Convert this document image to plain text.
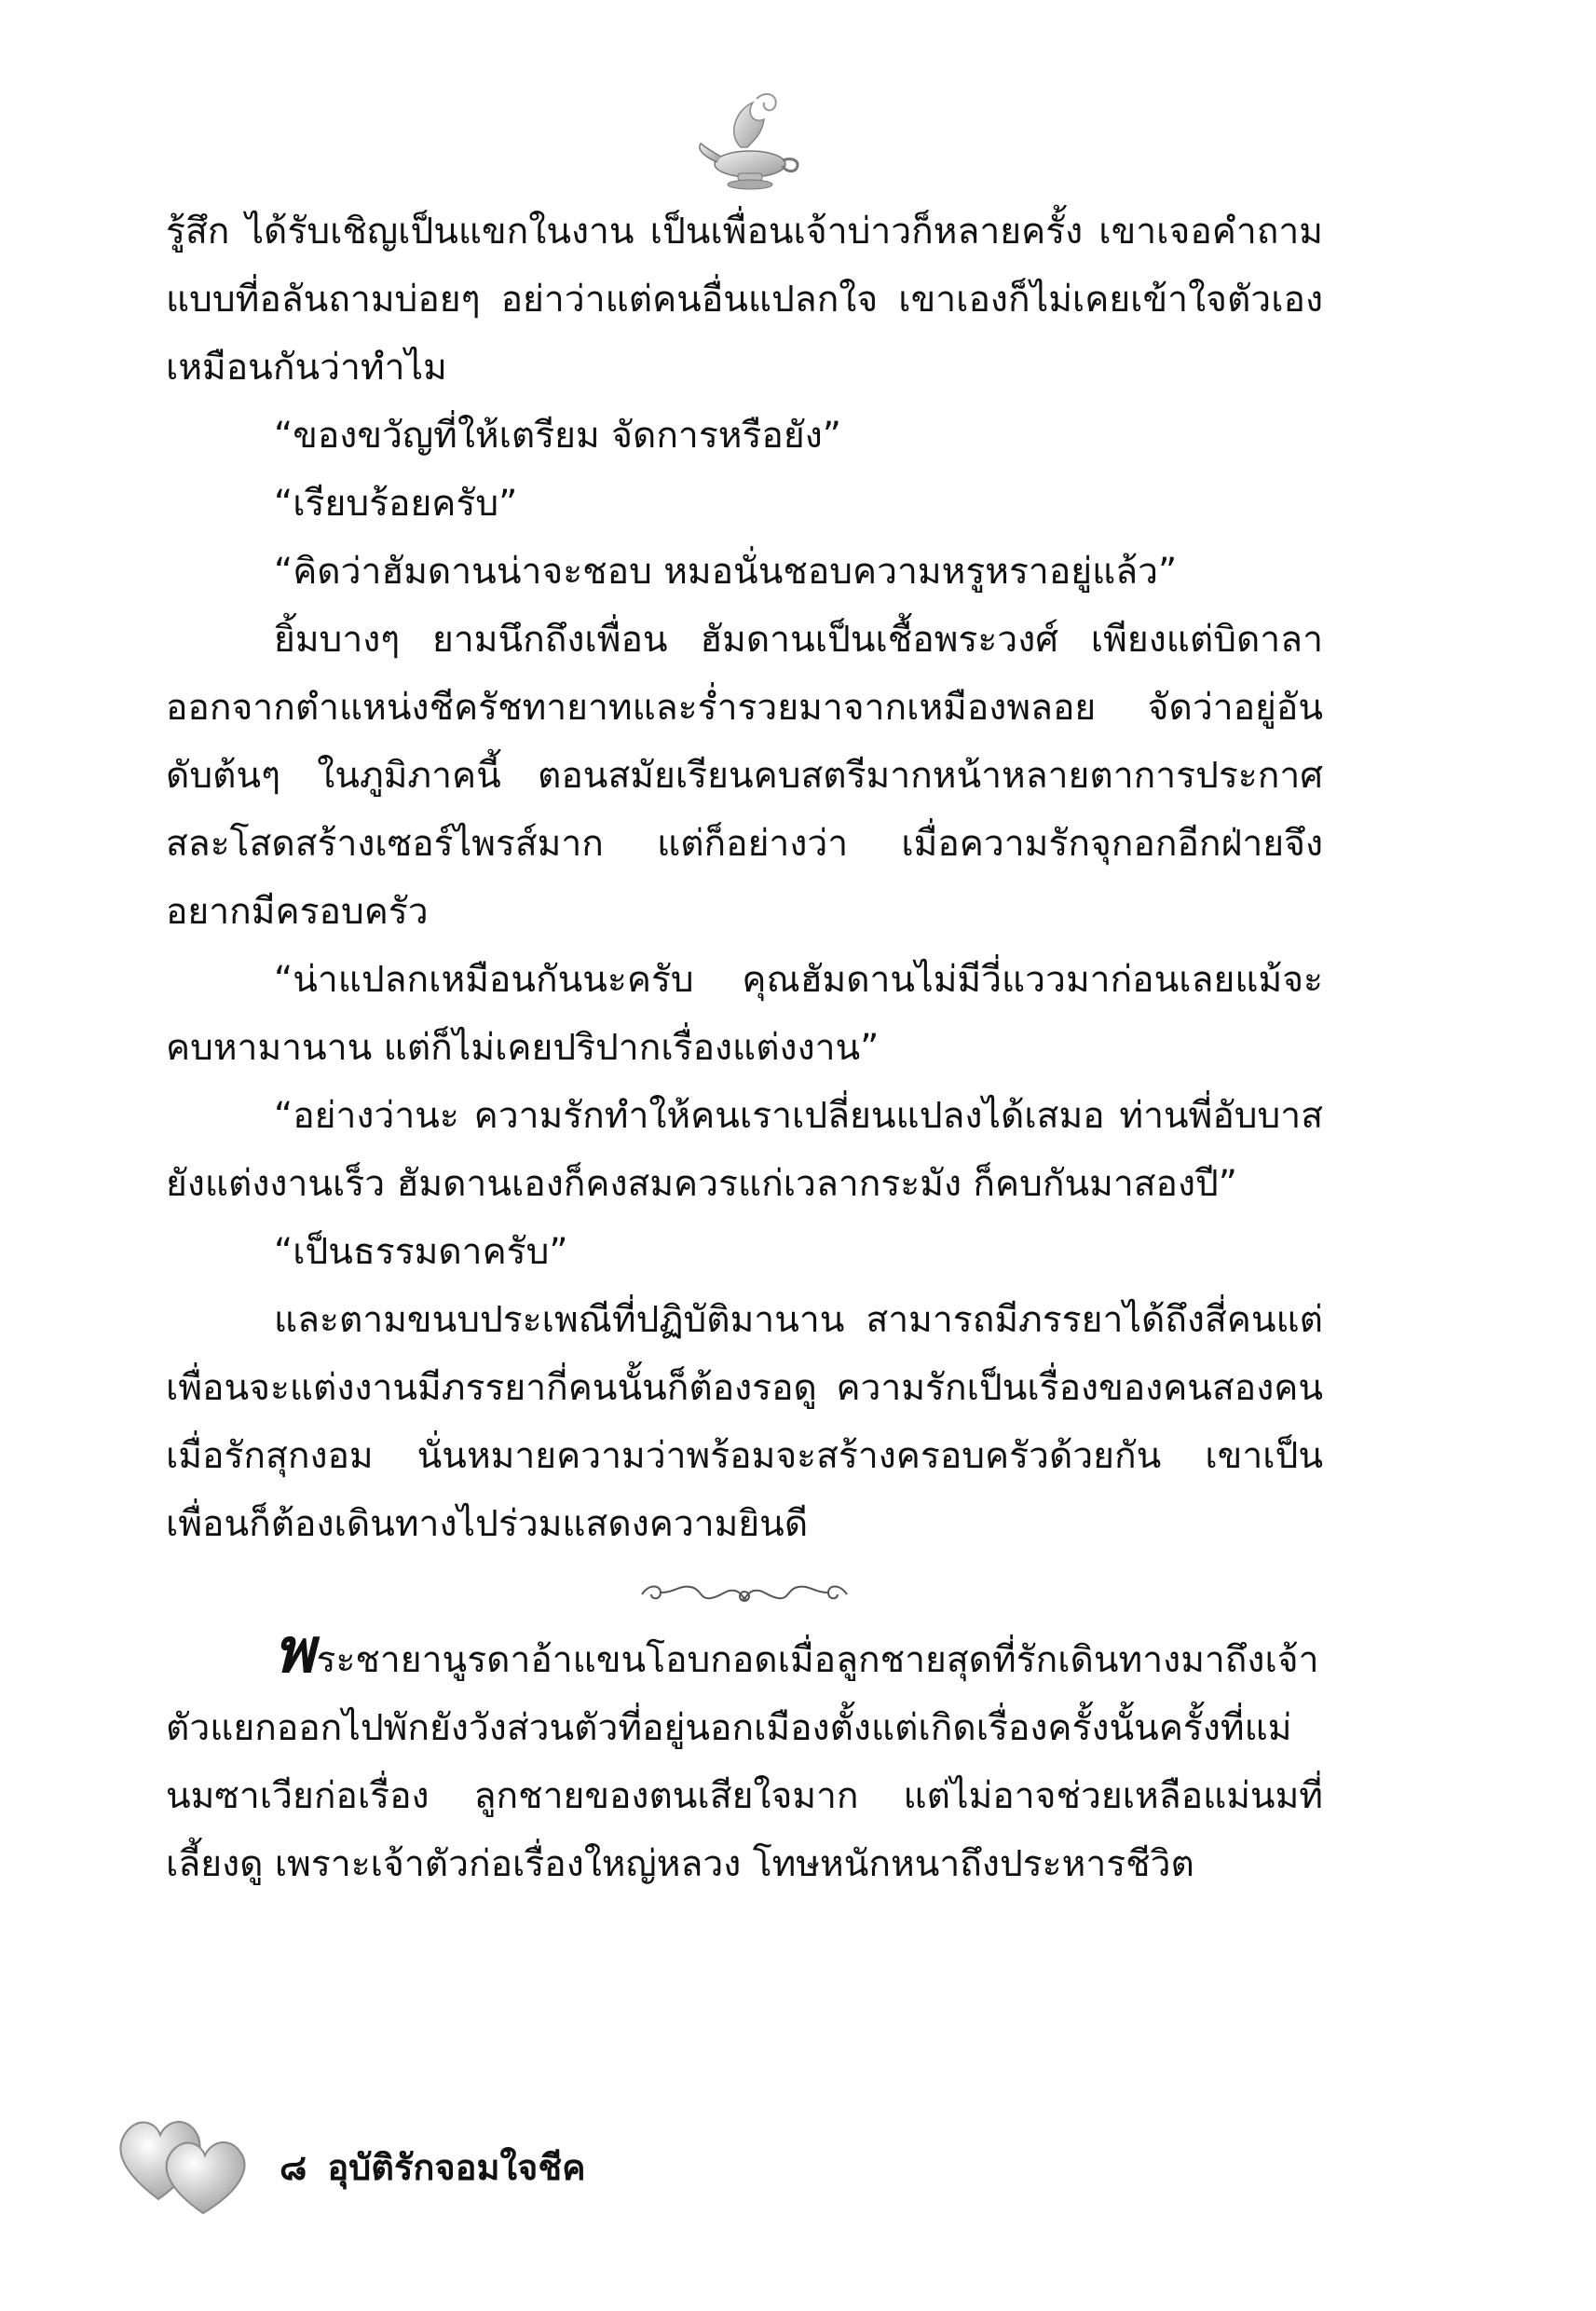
รู้สึก ได้รับเชิญเป็นแขกในงาน เป็นเพื่อนเจ้าบ่าวก็หลายครั้ง เขาเจอคำถามแบบที่อลันถามบ่อยๆ อย่าว่าแต่คนอื่นแปลกใจ เขาเองก็ไม่เคยเข้าใจตัวเองเหมือนกันว่าทำไม

“ของขวัญที่ให้เตรียม จัดการหรือยัง”

“เรียบร้อยครับ”

“คิดว่าฮัมดานน่าจะชอบ หมอนั่นชอบความหรูหราอยู่แล้ว”

ยิ้มบางๆ ยามนึกถึงเพื่อน ฮัมดานเป็นเชื้อพระวงศ์ เพียงแต่บิดาลาออกจากตำแหน่งชีครัชทายาทและร่ำรวยมาจากเหมืองพลอย จัดว่าอยู่อันดับต้นๆ ในภูมิภาคนี้ ตอนสมัยเรียนคบสตรีมากหน้าหลายตาการประกาศสละโสดสร้างเซอร์ไพรส์มาก แต่ก็อย่างว่า เมื่อความรักจุกอกอีกฝ่ายจึงอยากมีครอบครัว

“น่าแปลกเหมือนกันนะครับ คุณฮัมดานไม่มีวี่แววมาก่อนเลยแม้จะคบหามานาน แต่ก็ไม่เคยปริปากเรื่องแต่งงาน”

“อย่างว่านะ ความรักทำให้คนเราเปลี่ยนแปลงได้เสมอ ท่านพี่อับบาสยังแต่งงานเร็ว ฮัมดานเองก็คงสมควรแก่เวลากระมัง ก็คบกันมาสองปี”

“เป็นธรรมดาครับ”

และตามขนบประเพณีที่ปฏิบัติมานาน สามารถมีภรรยาได้ถึงสี่คนแต่เพื่อนจะแต่งงานมีภรรยากี่คนนั้นก็ต้องรอดู ความรักเป็นเรื่องของคนสองคน เมื่อรักสุกงอม นั่นหมายความว่าพร้อมจะสร้างครอบครัวด้วยกัน เขาเป็นเพื่อนก็ต้องเดินทางไปร่วมแสดงความยินดี

พระชายานูรดาอ้าแขนโอบกอดเมื่อลูกชายสุดที่รักเดินทางมาถึงเจ้าตัวแยกออกไปพักยังวังส่วนตัวที่อยู่นอกเมืองตั้งแต่เกิดเรื่องครั้งนั้นครั้งที่แม่นมซาเวียก่อเรื่อง ลูกชายของตนเสียใจมาก แต่ไม่อาจช่วยเหลือแม่นมที่เลี้ยงดู เพราะเจ้าตัวก่อเรื่องใหญ่หลวง โทษหนักหนาถึงประหารชีวิต

๘ อุบัติรักจอมใจชีค
